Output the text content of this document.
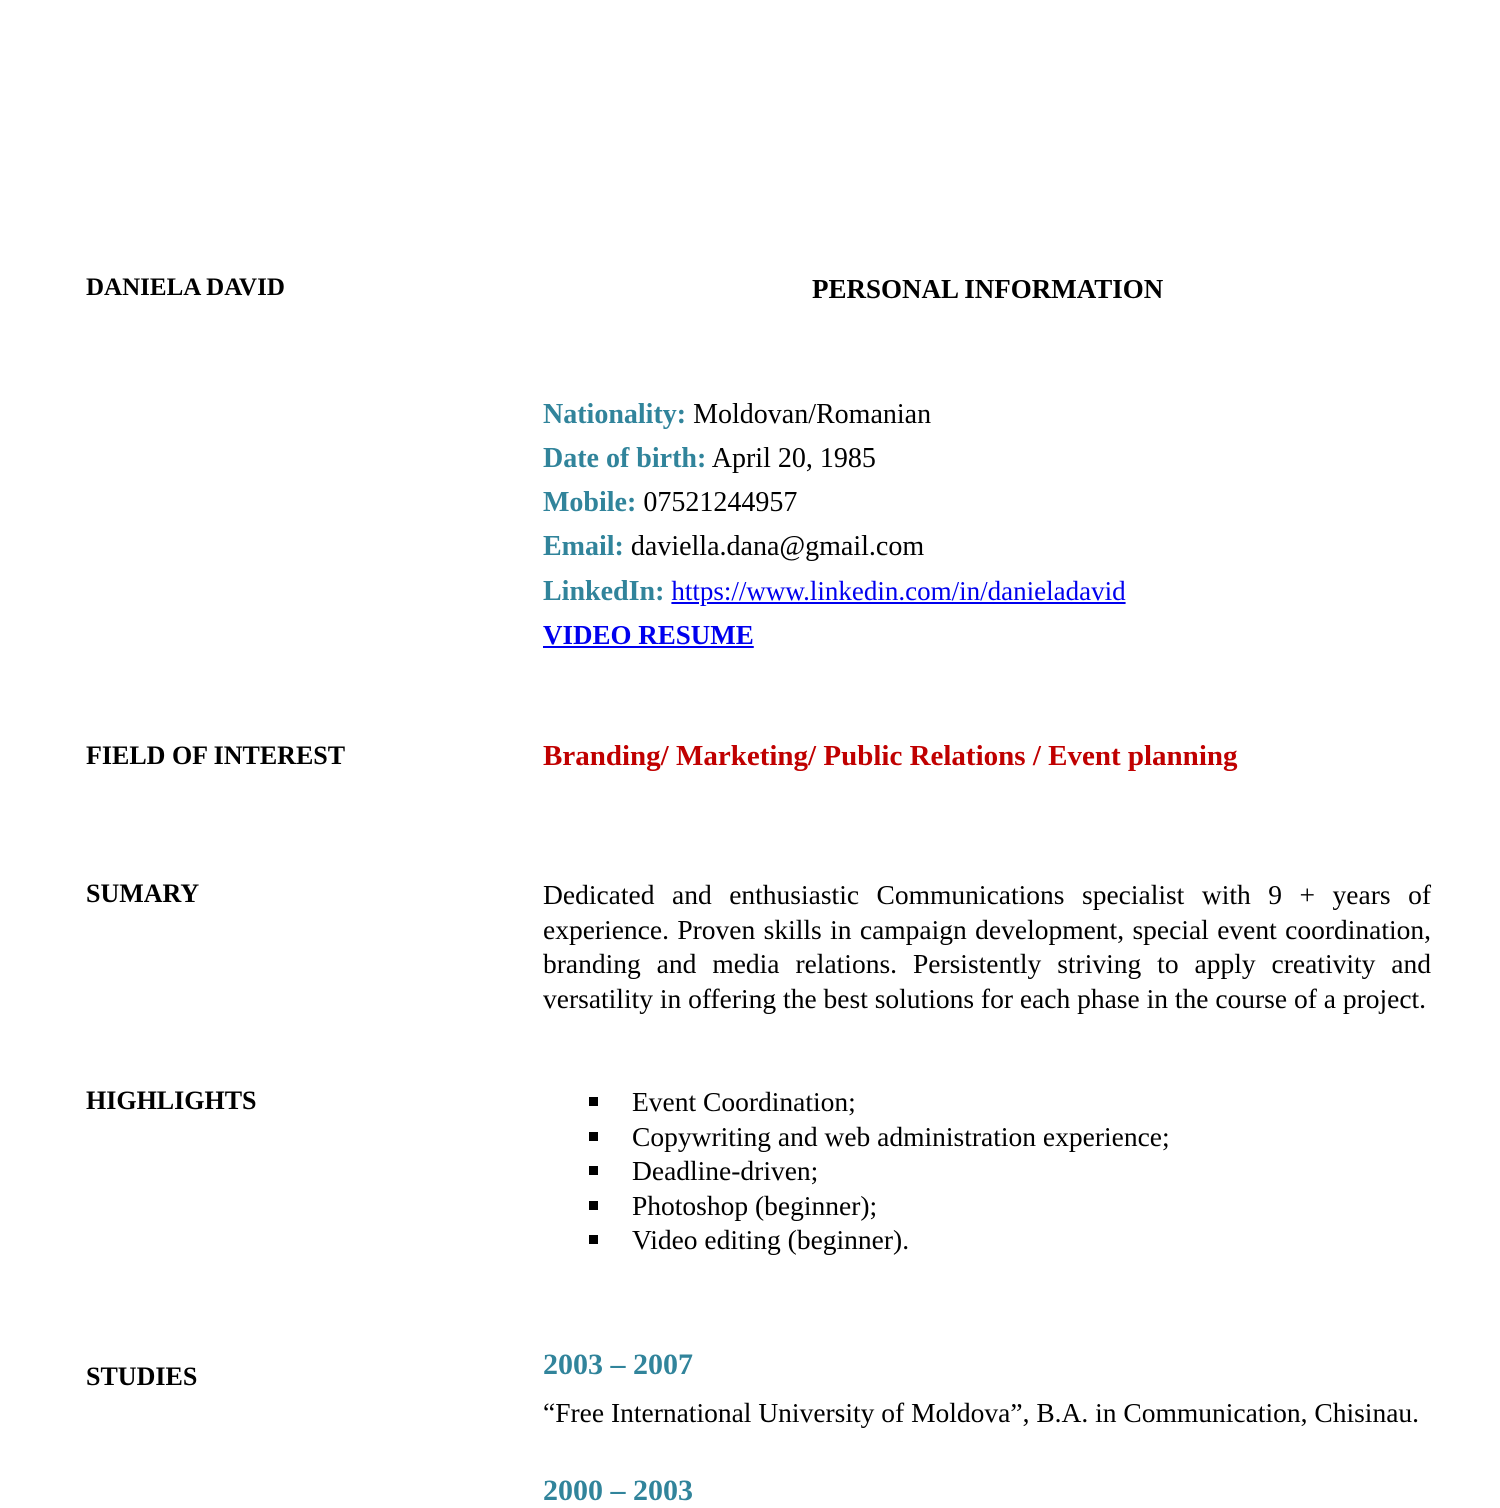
DANIELA DAVID	PERSONAL INFORMATION
Nationality: Moldovan/Romanian
Date of birth: April 20, 1985
Mobile: 07521244957
Email: daviella.dana@gmail.com
LinkedIn: https://www.linkedin.com/in/danieladavid
VIDEO RESUME
FIELD OF INTEREST	Branding/ Marketing/ Public Relations / Event planning
SUMARY	Dedicated and enthusiastic Communications specialist with 9 + years of experience. Proven skills in campaign development, special event coordination, branding and media relations. Persistently striving to apply creativity and versatility in offering the best solutions for each phase in the course of a project.
HIGHLIGHTS	Event Coordination;
Copywriting and web administration experience;
Deadline-driven;
Photoshop (beginner);
Video editing (beginner).
STUDIES	2003 – 2007
“Free International University of Moldova”, B.A. in Communication, Chisinau.
2000 – 2003
